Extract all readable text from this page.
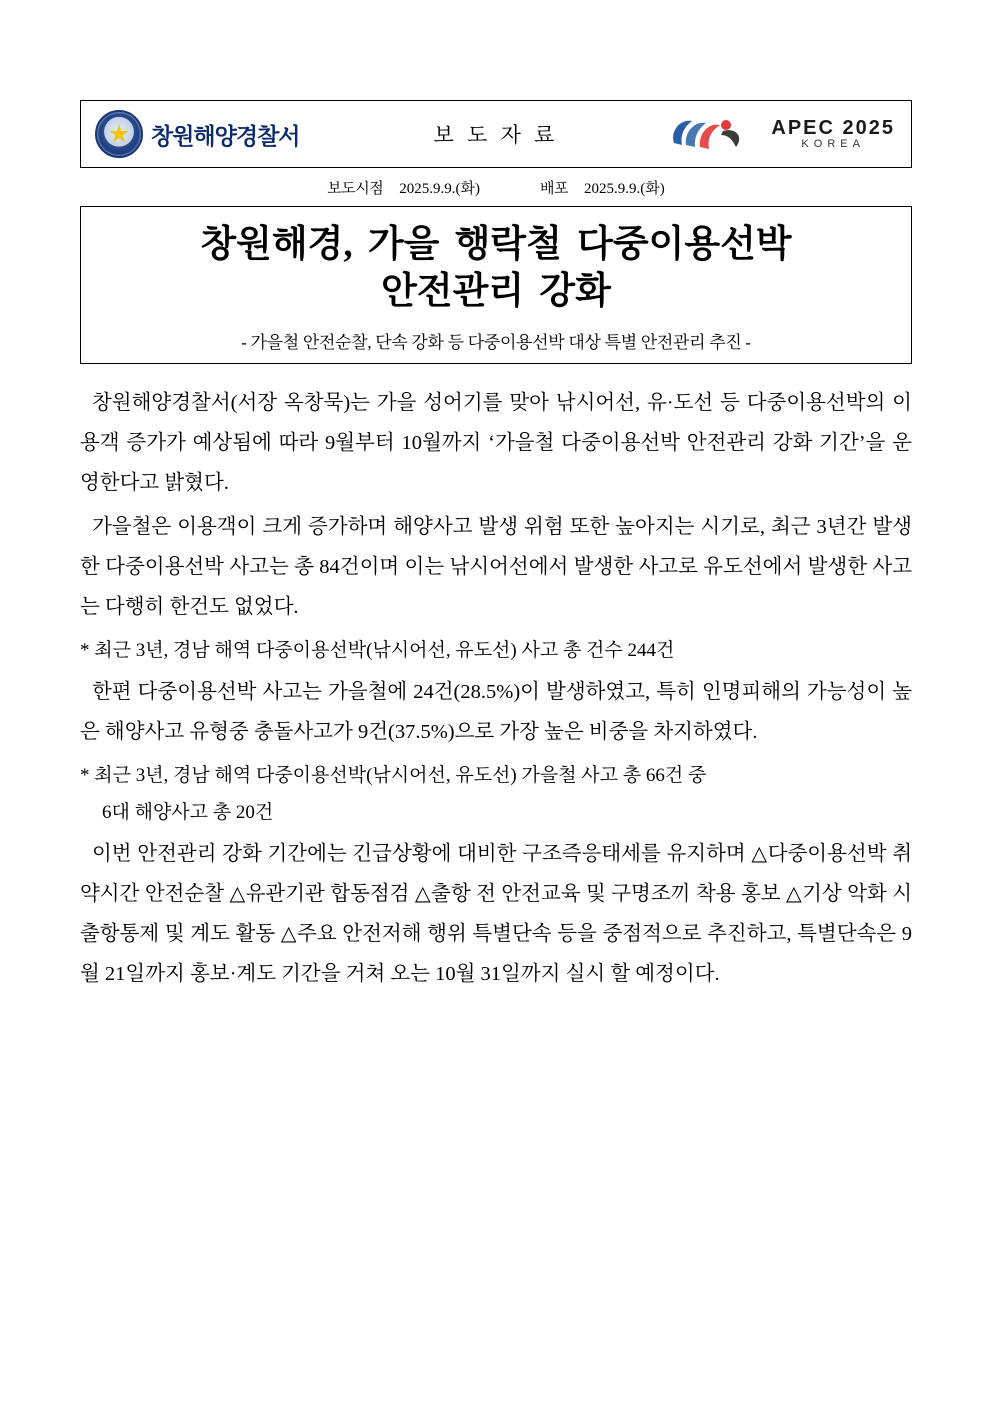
창원해양경찰서	보 도 자 료	APEC 2025
KOREA
보도시점 2025.9.9.(화)	배포 2025.9.9.(화)
창원해경, 가을 행락철 다중이용선박
안전관리 강화
- 가을철 안전순찰, 단속 강화 등 다중이용선박 대상 특별 안전관리 추진 -

창원해양경찰서(서장 옥창묵)는 가을 성어기를 맞아 낚시어선, 유·도선 등 다중이용선박의 이용객 증가가 예상됨에 따라 9월부터 10월까지 ‘가을철 다중이용선박 안전관리 강화 기간’을 운영한다고 밝혔다.

가을철은 이용객이 크게 증가하며 해양사고 발생 위험 또한 높아지는 시기로, 최근 3년간 발생한 다중이용선박 사고는 총 84건이며 이는 낚시어선에서 발생한 사고로 유도선에서 발생한 사고는 다행히 한건도 없었다.

* 최근 3년, 경남 해역 다중이용선박(낚시어선, 유도선) 사고 총 건수 244건

한편 다중이용선박 사고는 가을철에 24건(28.5%)이 발생하였고, 특히 인명피해의 가능성이 높은 해양사고 유형중 충돌사고가 9건(37.5%)으로 가장 높은 비중을 차지하였다.

* 최근 3년, 경남 해역 다중이용선박(낚시어선, 유도선) 가을철 사고 총 66건 중
6대 해양사고 총 20건

이번 안전관리 강화 기간에는 긴급상황에 대비한 구조즉응태세를 유지하며 △다중이용선박 취약시간 안전순찰 △유관기관 합동점검 △출항 전 안전교육 및 구명조끼 착용 홍보 △기상 악화 시 출항통제 및 계도 활동 △주요 안전저해 행위 특별단속 등을 중점적으로 추진하고, 특별단속은 9월 21일까지 홍보·계도 기간을 거쳐 오는 10월 31일까지 실시 할 예정이다.
